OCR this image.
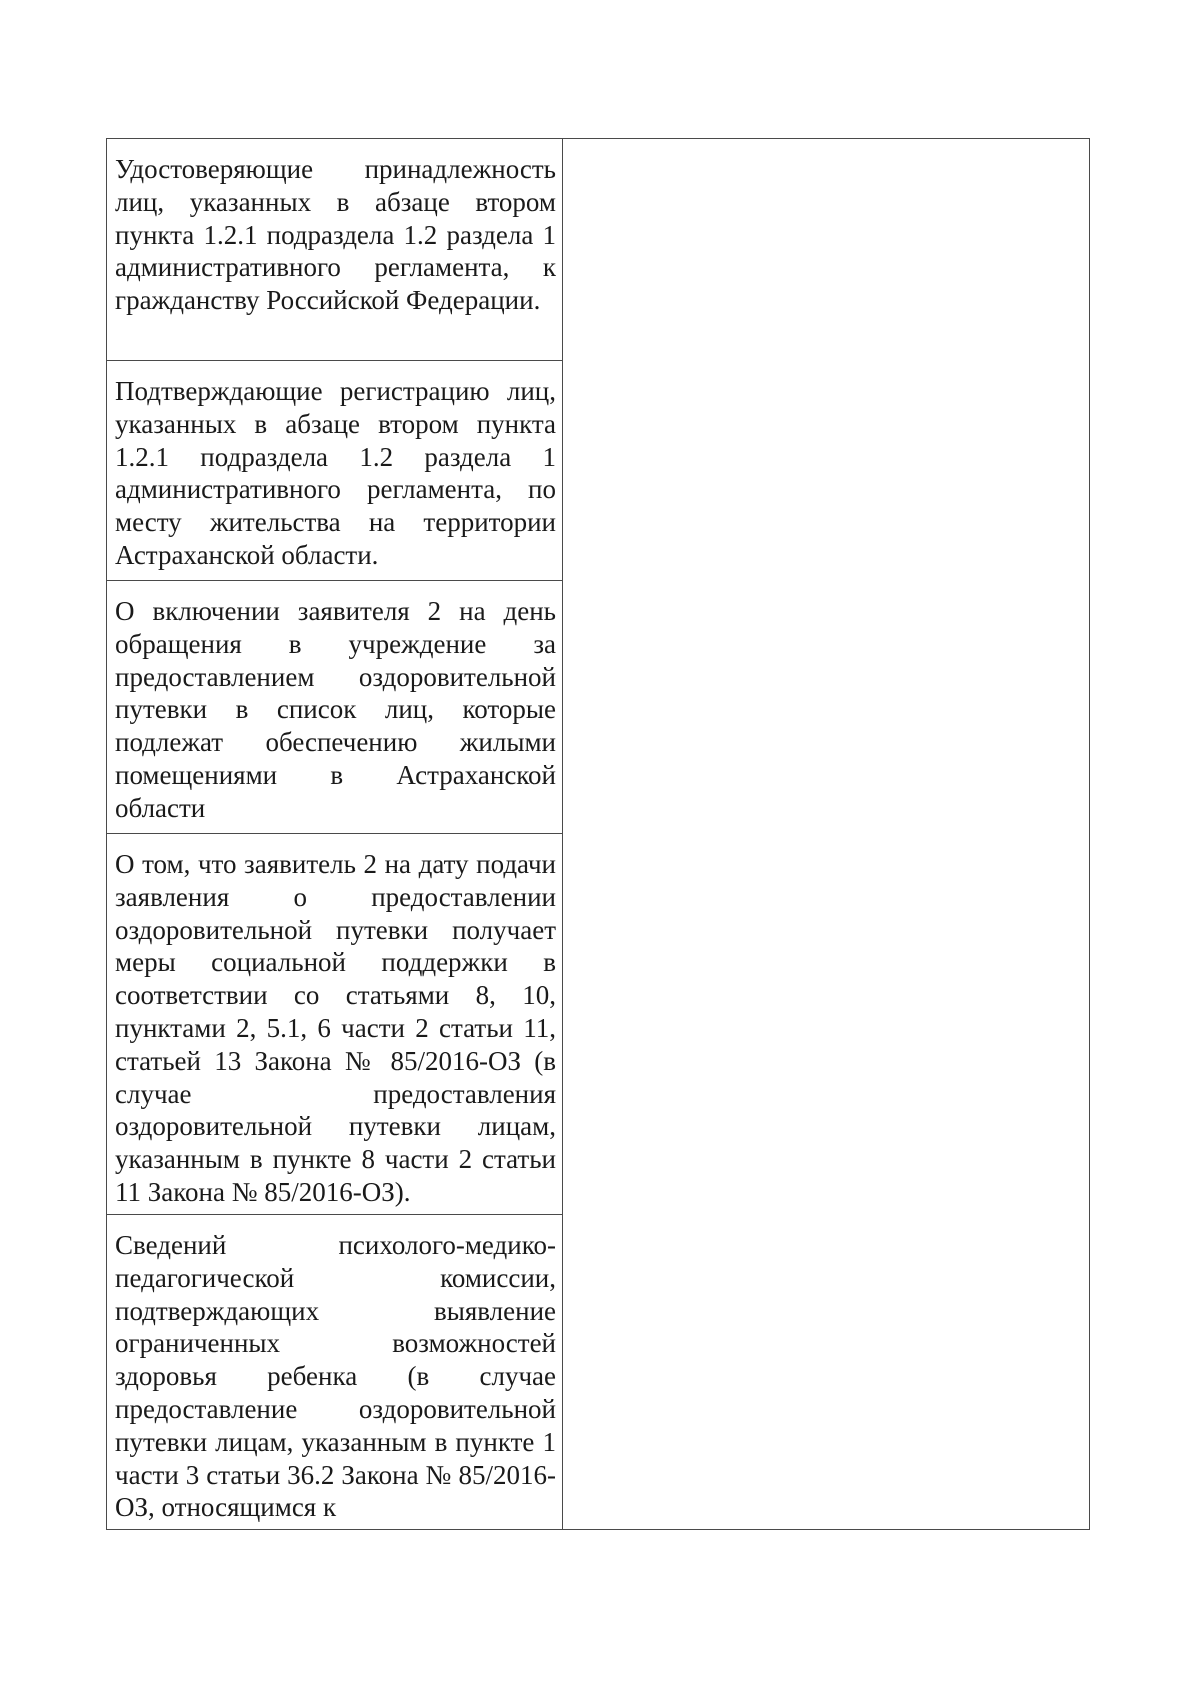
Удостоверяющие принадлежность лиц, указанных в абзаце втором пункта 1.2.1 подраздела 1.2 раздела 1 административного регламента, к гражданству Российской Федерации.
Подтверждающие регистрацию лиц, указанных в абзаце втором пункта 1.2.1 подраздела 1.2 раздела 1 административного регламента, по месту жительства на территории Астраханской области.
О включении заявителя 2 на день обращения в учреждение за предоставлением оздоровительной путевки в список лиц, которые подлежат обеспечению жилыми помещениями в Астраханской области
О том, что заявитель 2 на дату подачи заявления о предоставлении оздоровительной путевки получает меры социальной поддержки в соответствии со статьями 8, 10, пунктами 2, 5.1, 6 части 2 статьи 11, статьей 13 Закона № 85/2016-ОЗ (в случае предоставления оздоровительной путевки лицам, указанным в пункте 8 части 2 статьи 11 Закона № 85/2016-ОЗ).
Сведений психолого-медико-педагогической комиссии, подтверждающих выявление ограниченных возможностей здоровья ребенка (в случае предоставление оздоровительной путевки лицам, указанным в пункте 1 части 3 статьи 36.2 Закона № 85/2016-ОЗ, относящимся к
